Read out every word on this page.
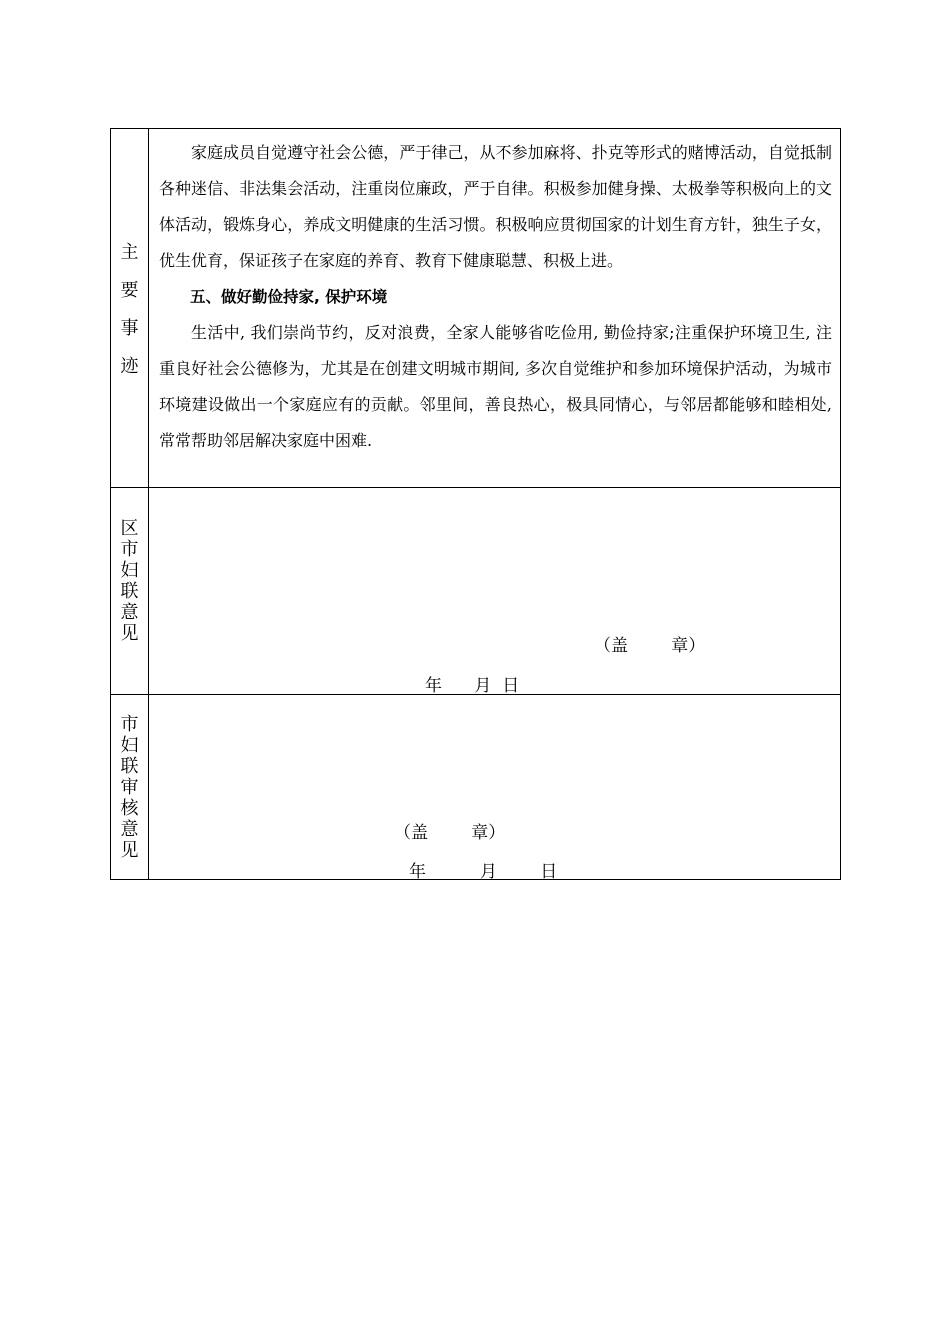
主
要
事
迹

家庭成员自觉遵守社会公德，严于律己，从不参加麻将、扑克等形式的赌博活动，自觉抵制各种迷信、非法集会活动，注重岗位廉政，严于自律。积极参加健身操、太极拳等积极向上的文体活动，锻炼身心，养成文明健康的生活习惯。积极响应贯彻国家的计划生育方针，独生子女，优生优育，保证孩子在家庭的养育、教育下健康聪慧、积极上进。

五、做好勤俭持家, 保护环境

生活中, 我们崇尚节约，反对浪费，全家人能够省吃俭用, 勤俭持家;注重保护环境卫生, 注重良好社会公德修为，尤其是在创建文明城市期间, 多次自觉维护和参加环境保护活动，为城市环境建设做出一个家庭应有的贡献。邻里间，善良热心，极具同情心，与邻居都能够和睦相处, 常常帮助邻居解决家庭中困难.

区
市
妇
联
意
见
（盖        章）
年      月  日
市
妇
联
审
核
意
见
（盖        章）
年          月        日
